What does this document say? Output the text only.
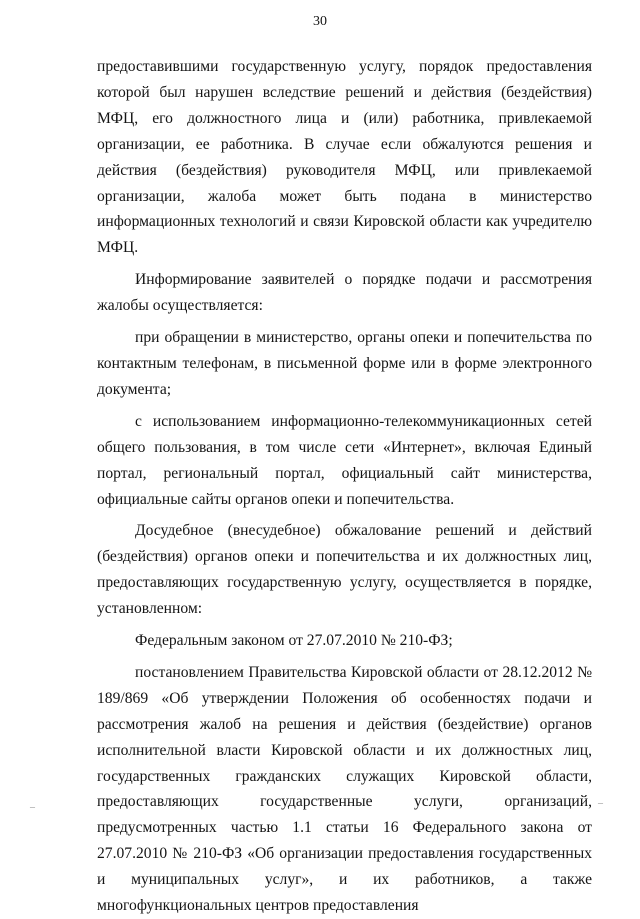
30

предоставившими государственную услугу, порядок предоставления которой был нарушен вследствие решений и действия (бездействия) МФЦ, его должностного лица и (или) работника, привлекаемой организации, ее работника. В случае если обжалуются решения и действия (бездействия) руководителя МФЦ, или привлекаемой организации, жалоба может быть подана в министерство информационных технологий и связи Кировской области как учредителю МФЦ.

Информирование заявителей о порядке подачи и рассмотрения жалобы осуществляется:

при обращении в министерство, органы опеки и попечительства по контактным телефонам, в письменной форме или в форме электронного документа;

с использованием информационно-телекоммуникационных сетей общего пользования, в том числе сети «Интернет», включая Единый портал, региональный портал, официальный сайт министерства, официальные сайты органов опеки и попечительства.

Досудебное (внесудебное) обжалование решений и действий (бездействия) органов опеки и попечительства и их должностных лиц, предоставляющих государственную услугу, осуществляется в порядке, установленном:

Федеральным законом от 27.07.2010 № 210-ФЗ;

постановлением Правительства Кировской области от 28.12.2012 № 189/869 «Об утверждении Положения об особенностях подачи и рассмотрения жалоб на решения и действия (бездействие) органов исполнительной власти Кировской области и их должностных лиц, государственных гражданских служащих Кировской области, предоставляющих государственные услуги, организаций, предусмотренных частью 1.1 статьи 16 Федерального закона от 27.07.2010 № 210-ФЗ «Об организации предоставления государственных и муниципальных услуг», и их работников, а также многофункциональных центров предоставления

–	–
